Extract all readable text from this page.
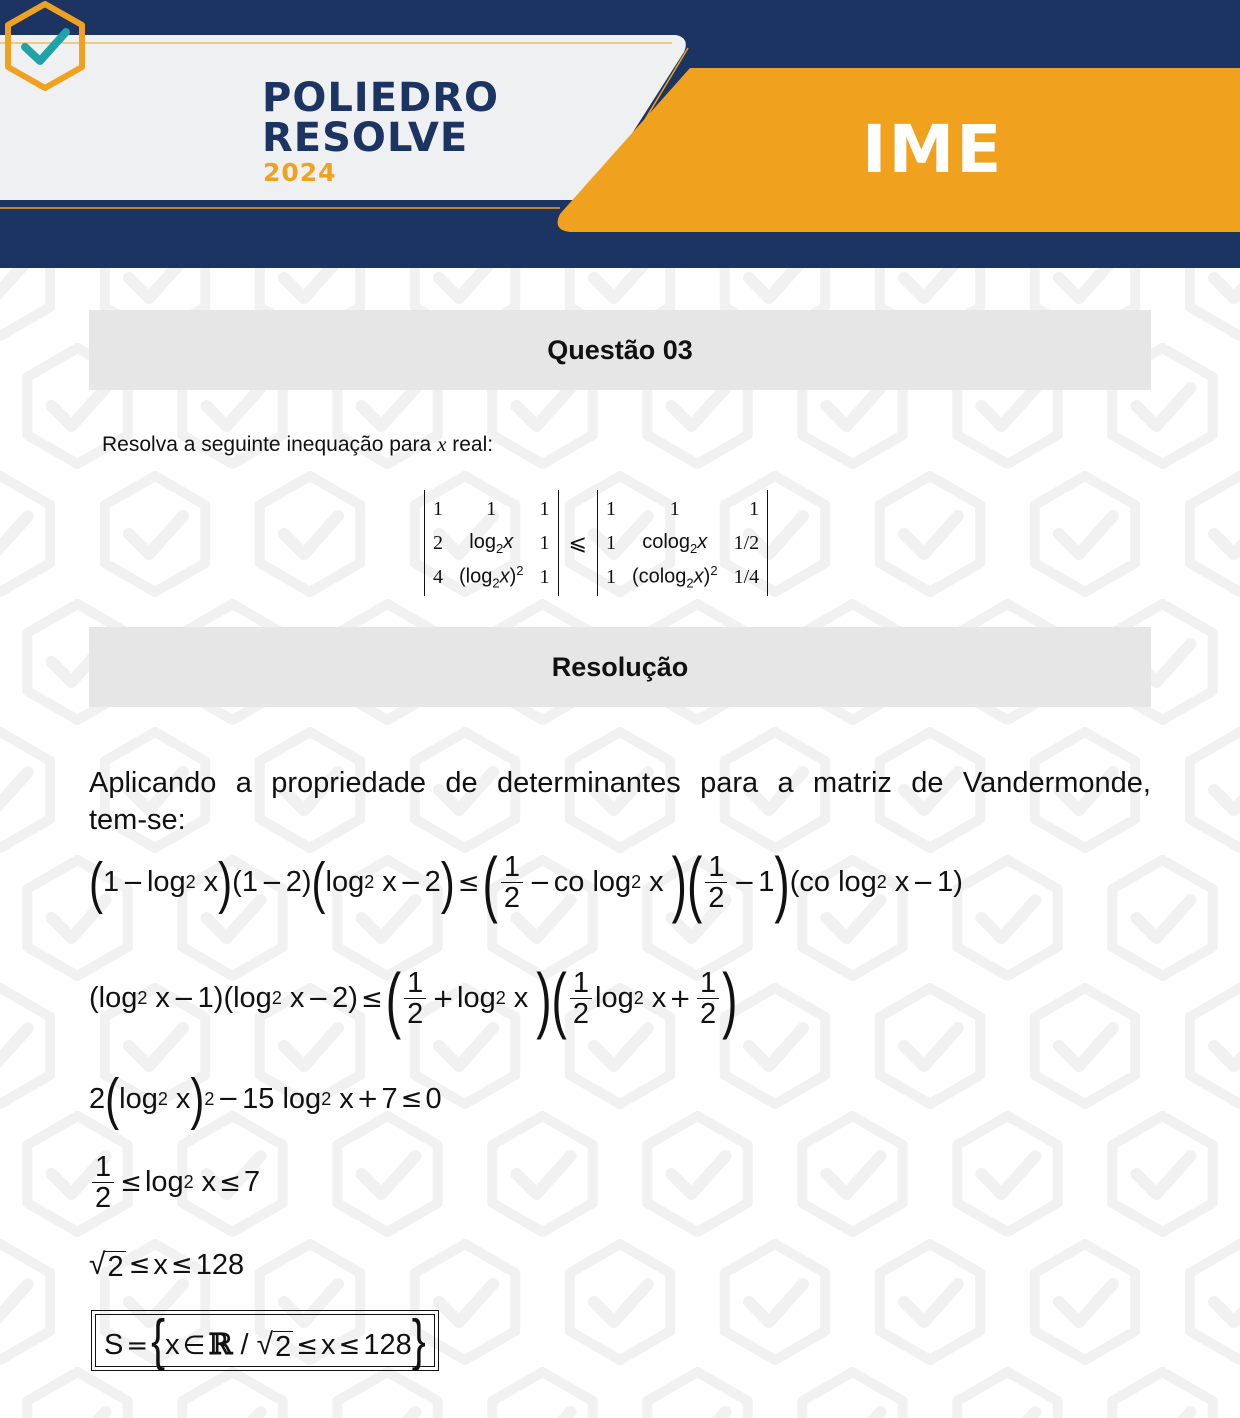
POLIEDRO
RESOLVE
2024	IME
Questão 03
Resolva a seguinte inequação para x real:
1	1	1
2	$\log_2x$	1
4	$(\log_2x)^2$	1
⩽
1	1	1
1	colog$_2$x	1/2
1	$(colog_2x)^2$	1/4
Resolução
Aplicando a propriedade de determinantes para a matriz de Vandermonde,
tem-se:
( 1 − log 2 x ) (1 − 2) ( log 2 x − 2 ) ≤ ( $\frac{1}{2}$ − co log 2 x ) ( $\frac{1}{2} - 1$ ) (co log 2 x − 1)
(log 2 x − 1)(log 2 x − 2) ≤ ( $\frac{1}{2} + \log 2$ x ) ( $\frac{1}{2}$ log 2 $x + \frac{1}{2}$ )
2 ( log 2 x ) 2 − 15 log 2 x + 7 ≤ 0
$\frac{1}{2} \le \log 2$ x ≤ 7
√ 2 ≤ x ≤ 128
S ={x ∈ ℝ / √ 2 ≤ x ≤ 128}
